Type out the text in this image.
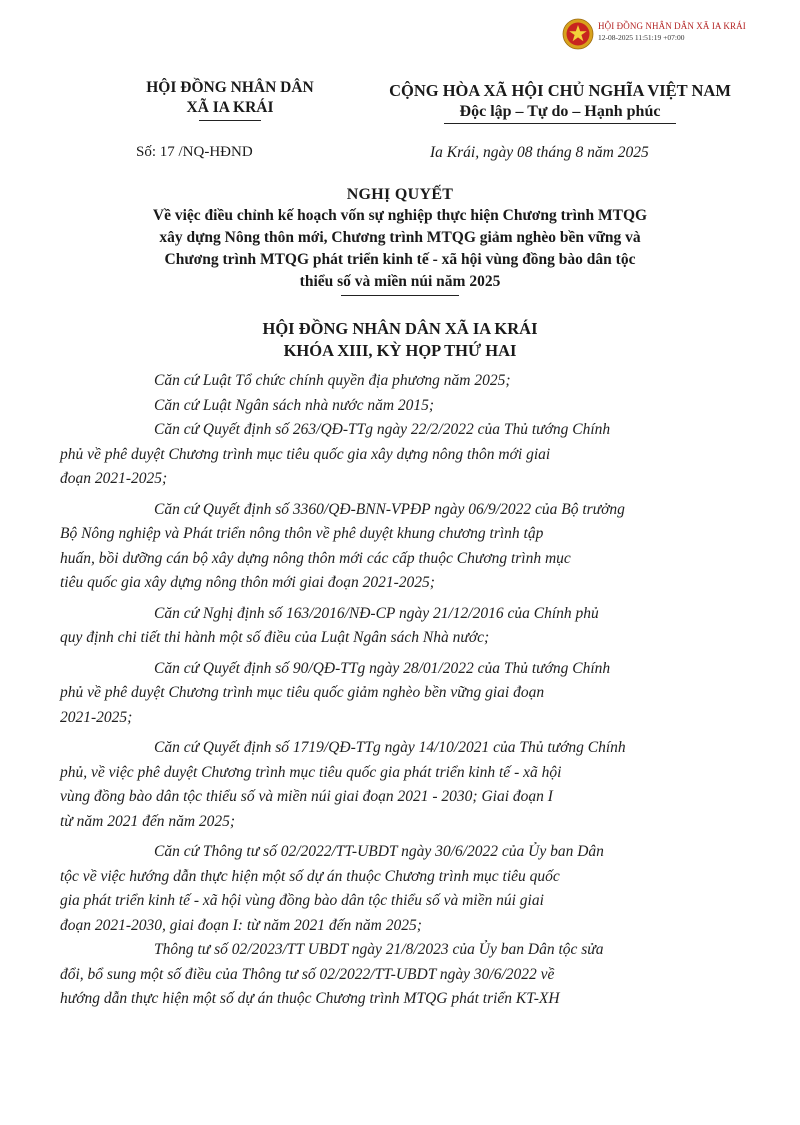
HỘI ĐỒNG NHÂN DÂN XÃ IA KRÁI
12-08-2025 11:51:19 +07:00
HỘI ĐỒNG NHÂN DÂN
XÃ IA KRÁI
CỘNG HÒA XÃ HỘI CHỦ NGHĨA VIỆT NAM
Độc lập – Tự do – Hạnh phúc
Số: 17 /NQ-HĐND	Ia Krái, ngày 08 tháng 8 năm 2025
NGHỊ QUYẾT
Về việc điều chỉnh kế hoạch vốn sự nghiệp thực hiện Chương trình MTQG
xây dựng Nông thôn mới, Chương trình MTQG giảm nghèo bền vững và
Chương trình MTQG phát triển kinh tế - xã hội vùng đồng bào dân tộc
thiểu số và miền núi năm 2025
HỘI ĐỒNG NHÂN DÂN XÃ IA KRÁI
KHÓA XIII, KỲ HỌP THỨ HAI

Căn cứ Luật Tổ chức chính quyền địa phương năm 2025;

Căn cứ Luật Ngân sách nhà nước năm 2015;

Căn cứ Quyết định số 263/QĐ-TTg ngày 22/2/2022 của Thủ tướng Chính
phủ về phê duyệt Chương trình mục tiêu quốc gia xây dựng nông thôn mới giai
đoạn 2021-2025;

Căn cứ Quyết định số 3360/QĐ-BNN-VPĐP ngày 06/9/2022 của Bộ trưởng
Bộ Nông nghiệp và Phát triển nông thôn về phê duyệt khung chương trình tập
huấn, bồi dưỡng cán bộ xây dựng nông thôn mới các cấp thuộc Chương trình mục
tiêu quốc gia xây dựng nông thôn mới giai đoạn 2021-2025;

Căn cứ Nghị định số 163/2016/NĐ-CP ngày 21/12/2016 của Chính phủ
quy định chi tiết thi hành một số điều của Luật Ngân sách Nhà nước;

Căn cứ Quyết định số 90/QĐ-TTg ngày 28/01/2022 của Thủ tướng Chính
phủ về phê duyệt Chương trình mục tiêu quốc giảm nghèo bền vững giai đoạn
2021-2025;

Căn cứ Quyết định số 1719/QĐ-TTg ngày 14/10/2021 của Thủ tướng Chính
phủ, về việc phê duyệt Chương trình mục tiêu quốc gia phát triển kinh tế - xã hội
vùng đồng bào dân tộc thiểu số và miền núi giai đoạn 2021 - 2030; Giai đoạn I
từ năm 2021 đến năm 2025;

Căn cứ Thông tư số 02/2022/TT-UBDT ngày 30/6/2022 của Ủy ban Dân
tộc về việc hướng dẫn thực hiện một số dự án thuộc Chương trình mục tiêu quốc
gia phát triển kinh tế - xã hội vùng đồng bào dân tộc thiểu số và miền núi giai
đoạn 2021-2030, giai đoạn I: từ năm 2021 đến năm 2025;

Thông tư số 02/2023/TT UBDT ngày 21/8/2023 của Ủy ban Dân tộc sửa
đổi, bổ sung một số điều của Thông tư số 02/2022/TT-UBDT ngày 30/6/2022 về
hướng dẫn thực hiện một số dự án thuộc Chương trình MTQG phát triển KT-XH
